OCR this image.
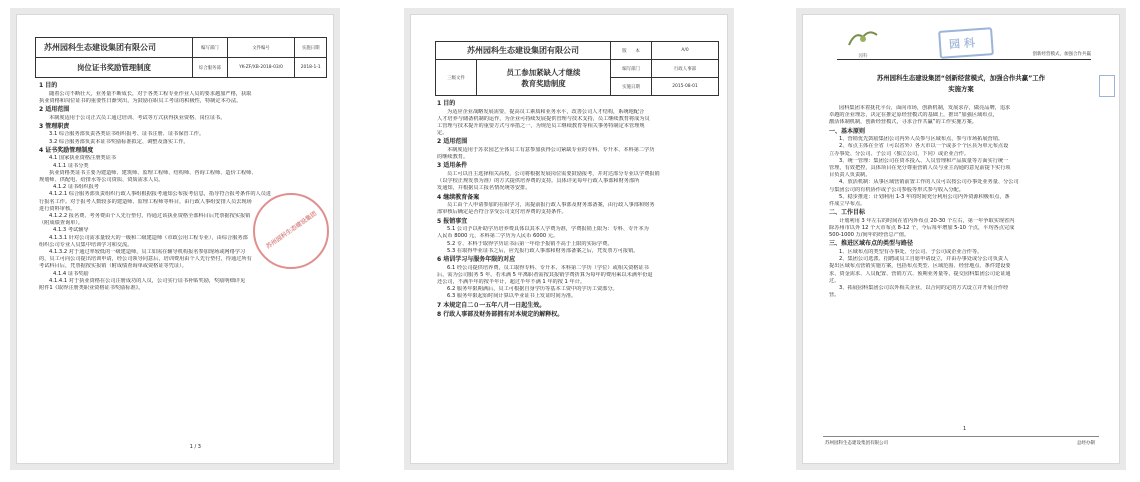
苏州园科生态建设集团有限公司	编写部门	文件编号	实施日期
岗位证书奖励管理制度	综合服务部	YK-ZF/XB-2018-03/0	2018-1-1
1 目的
随着公司不断壮大，业务量不断成长，对于各类工程专业作业人员的要求越加严格，获取
执业资格和岗位证书的重要性日渐突出，为鼓励在职员工考证的积极性，特制定本办法。
2 适用范围
本制度适用于公司正式员工通过培训、考试等方式获得执业资格、岗位证书。
3 管理职责
3.1 综合服务部负责各类证书组织报考、证书注册、证书保管工作。
3.2 综合服务部负责本证书奖励标准拟定、调整及落实工作。
4 证书奖励管理制度
4.1 国家执业资格注册类证书
4.1.1 证书分类
执业资格类证书主要为建造师、建筑师、监理工程师、结构师、咨询工程师、造价工程师、
规划师、供配电、给排水等公司资质、资质需求人员。
4.1.2 证书组织报考
4.1.2.1 综合服务部负责组织行政人事组根据报考通知公布报考信息，指导符合报考条件的人员进
行报名工作。对于报考人数较多的建造师、监理工程师等科目，由行政人事组安排人员去现场
进行资料审核。
4.1.2.2 报名费、考务费由个人先行垫付，待通过该执业资格全部科目后凭票据按实报销
（附成绩查询单）。
4.1.3 考试辅导
4.1.3.1 针对公司需求量较大的一级和二级建造师（市政公用工程专业），由综合服务部
组织公司专业人员集中培训学习和交流。
4.1.3.2 对于通过率较低的一级建造师，员工如需在辅导机构报名参加现场或网络学习
的，员工可向公司提出培训申请，经公司领导同意后，培训费用由个人先行垫付，待通过所有
考试科目后，凭票据按实报销（附成绩查询单或资格证等凭证）。
4.1.4 证书奖励
4.1.4.1 对于执业资格在公司注册成功的人员，公司实行证书补贴奖励，奖励明细详见
附件1《取得注册类职业资格证书奖励标准》。
苏州园科生态建设集团
1 / 3
苏州园科生态建设集团有限公司		版　　本	A/0
三级文件	员工参加紧缺人才继续
教育奖励制度	编写部门	行政人事部
		实施日期	2015-08-01
1 目的
为适应企业战略发展需要，提高员工素质和业务水平，改善公司人才结构，系统地配合
人才培养与储备机制的运作，为企业可持续发展提供管理与技术支持，员工继续教育将成为员
工管理与技术提升的重要方式与举措之一，为规范员工继续教育等相关事务特制定本管理规
定。
2 适用范围
本制度适用于苏农园艺全体员工有意参加获得公司紧缺专业的专科、专升本、本科第二学历
的继续教育。
3 适用条件
员工可以自主选择相关高校，公司将根据发展岗位需要鼓励报考，并对达部分专业以学费报销
（以学校正规发票为准）的方式提供培养费的支持。具体详见每年行政人事部和财务部所
发通知，并根据员工报名情况统等安排。
4 继续教育备案
员工由个人申请参加的在职学习，需提前报行政人事部及财务部备案，由行政人事部和财务
部审核后确定是否符合享受公司支付培养费的支持条件。
5 报销事宜
5.1 公司予以补助学历培养费具体以其本人学费为准，学费报销上限为：专科、专升本为
人民币 8000 元，本科第二学历为人民币 6000 元。
5.2 专、本科于取得学历证书后第一年给予报销不高于上限的实际学费。
5.3 在取得毕业证书之后，应先报行政人事部和财务部备案之后，凭发票方可报销。
6 培训学习与服务年限的对应
6.1 经公司提供培养费，员工取得专科、专升本、本科第二学历（学位）或相关资格证书
后，需为公司服务 5 年。若未满 5 年离职者需按其报销学费折算为每年的费用乘以未满年份退
还公司，不满半年的按半年计，超过半年不满 1 年的按 1 年计。
6.2 服务年限期满后，员工可根据自身学历等基本工资中的学历工资部分。
6.3 服务年限起始时间计算以毕业证书上发证时间为准。
7 本规定自二０一五年八月一日起生效。
8 行政人事部及财务部拥有对本规定的解释权。
园科
园科
创新经营模式，加强合作共赢
苏州园科生态建设集团“创新经营模式，加强合作共赢”工作
实施方案
园科集团本着抚托平台，面向市场，创新机制，发展求存，做亮品牌，追求
卓越的企业理念，决定在推定原经营模式的基础上，推出“加强区域布点，
激活体制机制，创新经营模式，寻求合作共赢”的工作实施方案。
一、基本原则
1、营销优先鼓励集团公司内外人员参与区域布点，参与市场拓展营销。
2、布点主体在全省（可以省外）各大市以一个或多个个区县为单元布点设
立办事处、分公司、子公司（独立公司，下同）或企业合作。
3、统一管理：集团公司在资本投入、人员管理和产品质量等方面实行统一
管理，有效把控，具体项目在充分尊重营销人员与业主沟通的意见前提下实行项
目负责人负责制。
4、放活机制：从事区域营销前置工作的人员可以按公司办事处业务量、分公司
与集团公司的有机协作或子公司参股等形式参与收入分配。
5、稳步推进：计划利用 1-3 年的时间充分利用公司内外资源积极布点，条
件成立早布点。
二、工作目标
计划利用 3 年左右的时间在省内外布点 20-30 个左右，第一年争取实现省内
除苏州市以外 12 个大市布点 8-12 个，今后每年增加 5-10 个点，平均各点完成
500-1000 万/间年的经营总产值。
三、推进区域布点的类型与路径
1、区域布点的类型有办事处、分公司、子公司或企业合作等。
2、集团公司选派、招聘或员工自愿申请设立，并由办事处或分公司负责人
提出区域布点营销实施方案，包括布点类型、区域范围、经营地点、条件建设要
求、资金需求、人员配置、营销方式、预期业务量等，提交园科集团公司论证通
过。
3、拓展园科集团公司以外相关企业，以合同的定的方式设立并开展合作经
营。
1
苏州园科生态建设集团有限公司	总经办制
